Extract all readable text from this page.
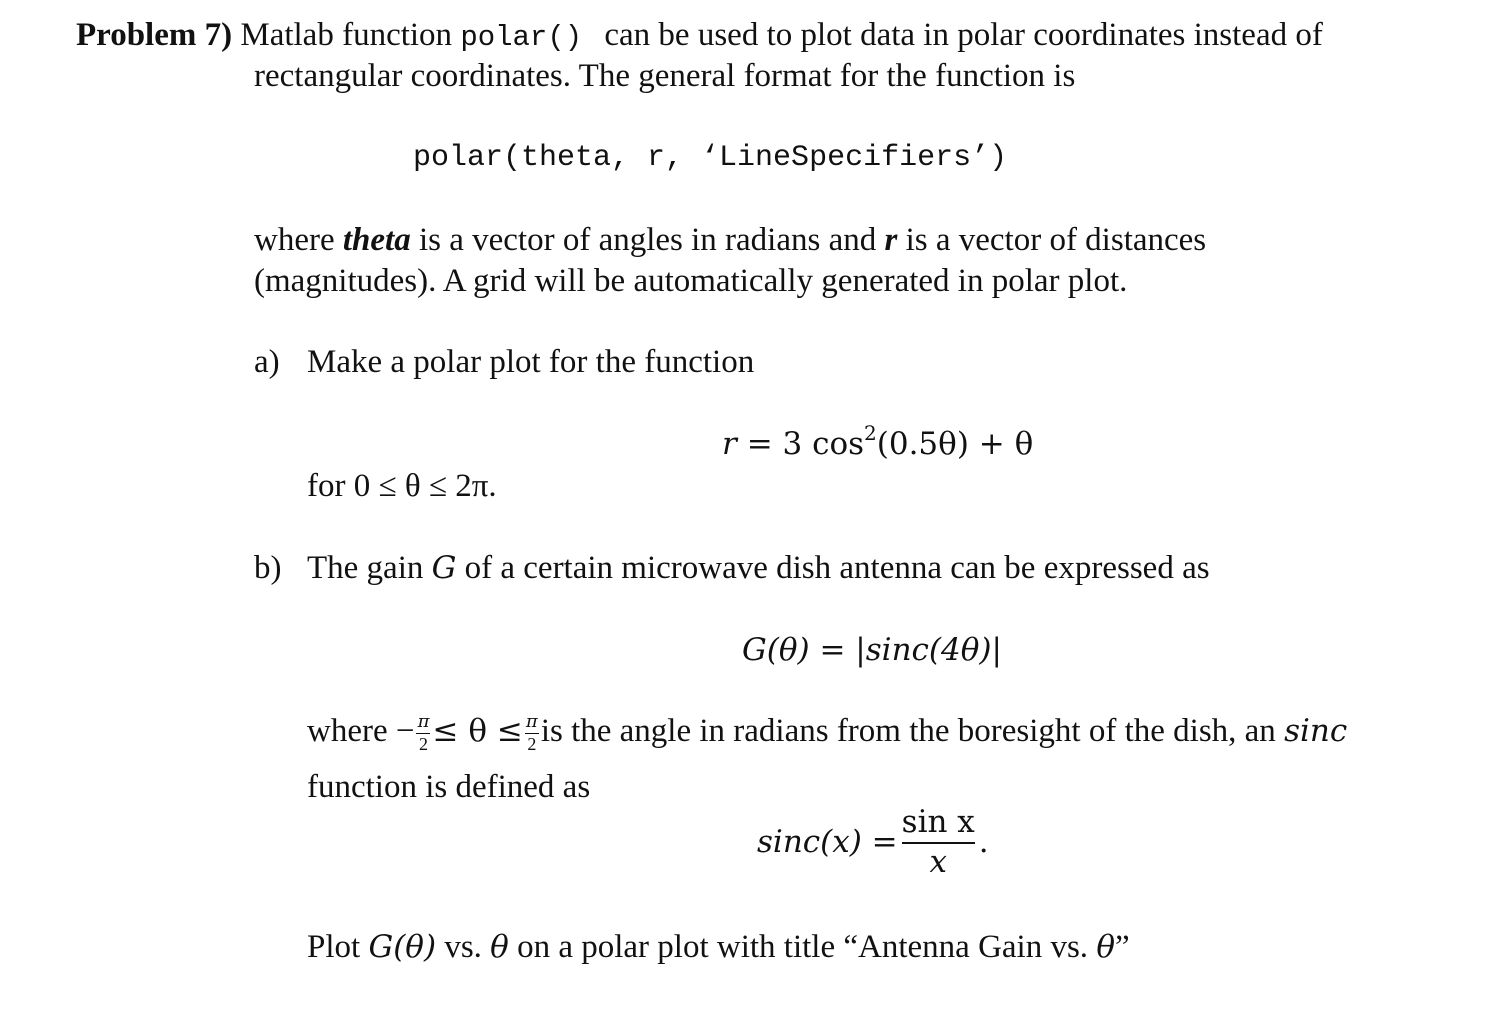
Problem 7) Matlab function polar() can be used to plot data in polar coordinates instead of
rectangular coordinates. The general format for the function is
polar(theta, r, ‘LineSpecifiers’)
where theta is a vector of angles in radians and r is a vector of distances
(magnitudes). A grid will be automatically generated in polar plot.
a) Make a polar plot for the function
r = 3 $\cos^2(0.5\theta) + \theta$
for 0 ≤ θ ≤ 2π.
b) The gain G of a certain microwave dish antenna can be expressed as
G(θ) = |sinc(4θ)|
where − $\frac{\pi}{2} \le \theta \le \frac{\pi}{2}$ is the angle in radians from the boresight of the dish, an sinc
function is defined as
$\sin c(x) = \frac{\text{sin x}}{x}$ .
Plot G(θ) vs. θ on a polar plot with title “Antenna Gain vs. θ”
